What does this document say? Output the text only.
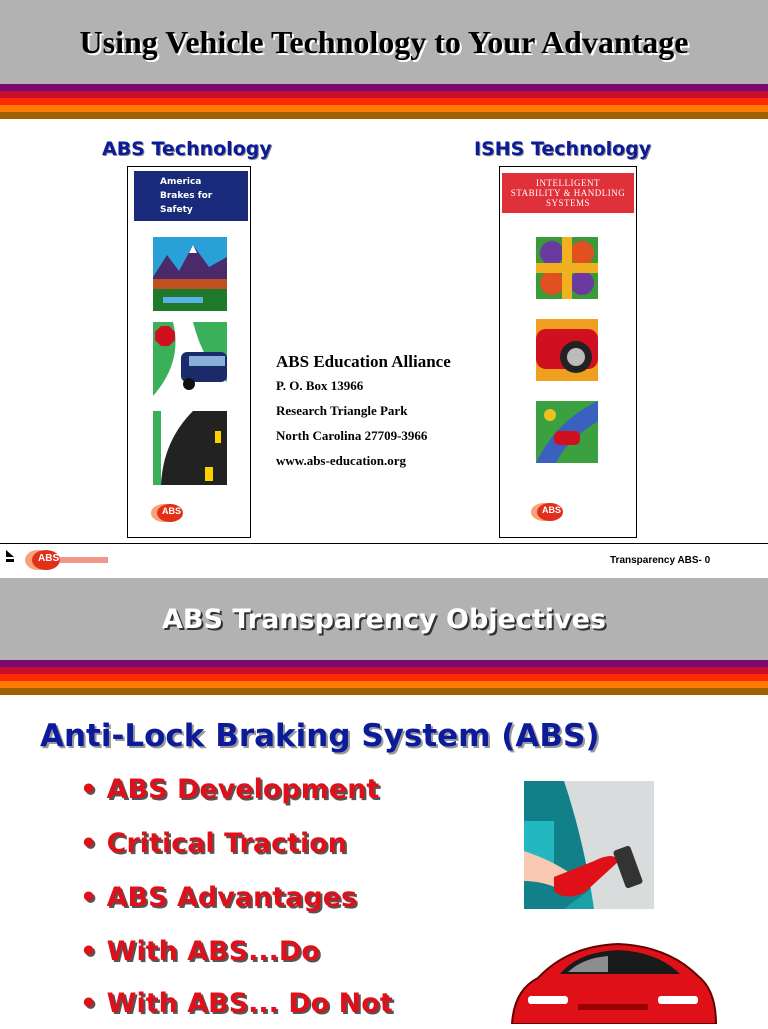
Using Vehicle Technology to Your Advantage
ABS Technology	ISHS Technology
America
Brakes for
Safety
ABS
ABS Education Alliance
P. O. Box 13966
Research Triangle Park
North Carolina 27709-3966
www.abs-education.org
INTELLIGENT
STABILITY & HANDLING
SYSTEMS
ABS
ABS	Transparency ABS- 0
ABS Transparency Objectives
Anti-Lock Braking System (ABS)
• ABS Development
• Critical Traction
• ABS Advantages
• With ABS...Do
• With ABS... Do Not
